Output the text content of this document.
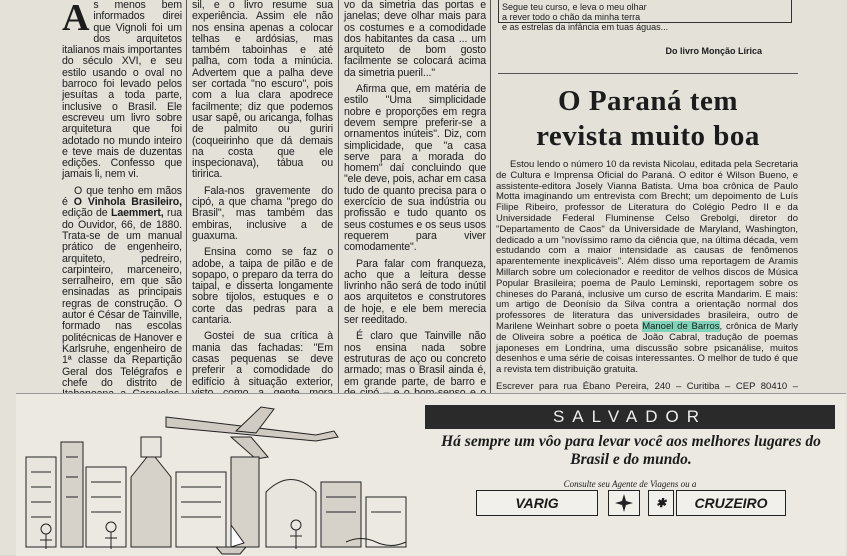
As menos bem informados direi que Vignoli foi um dos arquitetos italianos mais importantes do século XVI, e seu estilo usando o oval no barroco foi levado pelos jesuítas a toda parte, inclusive o Brasil. Ele escreveu um livro sobre arquitetura que foi adotado no mundo inteiro e teve mais de duzentas edições. Confesso que jamais li, nem vi.

O que tenho em mãos é O Vinhola Brasileiro, edição de Laemmert, rua do Ouvidor, 66, de 1880. Trata-se de um manual prático de engenheiro, arquiteto, pedreiro, carpinteiro, marceneiro, serralheiro, em que são ensinadas as principais regras de construção. O autor é César de Tainville, formado nas escolas politécnicas de Hanover e Karlsruhe, engenheiro de 1ª classe da Repartição Geral dos Telégrafos e chefe do distrito de

sil, e o livro resume sua experiência. Assim ele não nos ensina apenas a colocar telhas e ardósias, mas também taboinhas e até palha, com toda a minúcia. Advertem que a palha deve ser cortada "no escuro", pois com a lua clara apodrece facilmente; diz que podemos usar sapê, ou aricanga, folhas de palmito ou guriri (coqueirinho que dá demais na costa que ele inspecionava), tábua ou tiririca.

Fala-nos gravemente do cipó, a que chama "prego do Brasil", mas também das embiras, inclusive a de guaxuma.

Ensina como se faz o adobe, a taipa de pilão e de sopapo, o preparo da terra do taipal, e disserta longamente sobre tijolos, estuques e o corte das pedras para a cantaria.

Gostei de sua crítica à mania das fachadas: "Em casas pequenas se deve preferir a comodidade do edifício à situação exterior,

vo da simetria das portas e janelas; deve olhar mais para os costumes e a comodidade dos habitantes da casa ... um arquiteto de bom gosto facilmente se colocará acima da simetria pueril..."

Afirma que, em matéria de estilo "Uma simplicidade nobre e proporções em regra devem sempre preferir-se a ornamentos inúteis". Diz, com simplicidade, que "a casa serve para a morada do homem" daí concluindo que "ele deve, pois, achar em casa tudo de quanto precisa para o exercício de sua indústria ou profissão e tudo quanto os seus costumes e os seus usos requerem para viver comodamente".

Para falar com franqueza, acho que a leitura desse livrinho não será de todo inútil aos arquitetos e construtores de hoje, e ele bem merecia ser reeditado.

É claro que Tainville não nos ensina nada sobre estruturas de aço ou concreto armado; mas o Brasil ainda é, em grande parte, de barro e

Segue teu curso, e leva o meu olhar
a rever todo o chão da minha terra
e as estrelas da infância em tuas águas...
Do livro Monção Lírica
O Paraná tem
revista muito boa

Estou lendo o número 10 da revista Nicolau, editada pela Secretaria de Cultura e Imprensa Oficial do Paraná. O editor é Wilson Bueno, e assistente-editora Josely Vianna Batista. Uma boa crônica de Paulo Motta imaginando um entrevista com Brecht; um depoimento de Luís Filipe Ribeiro, professor de Literatura do Colégio Pedro II e da Universidade Federal Fluminense Celso Grebolgi, diretor do "Departamento de Caos" da Universidade de Maryland, Washington, dedicado a um "novíssimo ramo da ciência que, na última década, vem estudando com a maior intensidade as causas de fenômenos aparentemente inexplicáveis". Além disso uma reportagem de Aramis Millarch sobre um colecionador e reeditor de velhos discos de Música Popular Brasileira; poema de Paulo Leminski, reportagem sobre os chineses do Paraná, inclusive um curso de escrita Mandarim. E mais: um artigo de Deonísio da Silva contra a orientação normal dos professores de literatura das universidades brasileira, outro de Marilene Weinhart sobre o poeta Manoel de Barros, crônica de Marly de Oliveira sobre a poética de João Cabral, tradução de poemas japoneses em Londrina, uma discussão sobre psicanálise, muitos desenhos e uma série de coisas interessantes. O melhor de tudo é que a revista tem distribuição gratuita.

Escrever para rua Ébano Pereira, 240 – Curitiba – CEP 80410 –

SALVADOR
Há sempre um vôo para levar você aos melhores lugares do Brasil e do mundo.
Consulte seu Agente de Viagens ou a
VARIG	✱	CRUZEIRO
